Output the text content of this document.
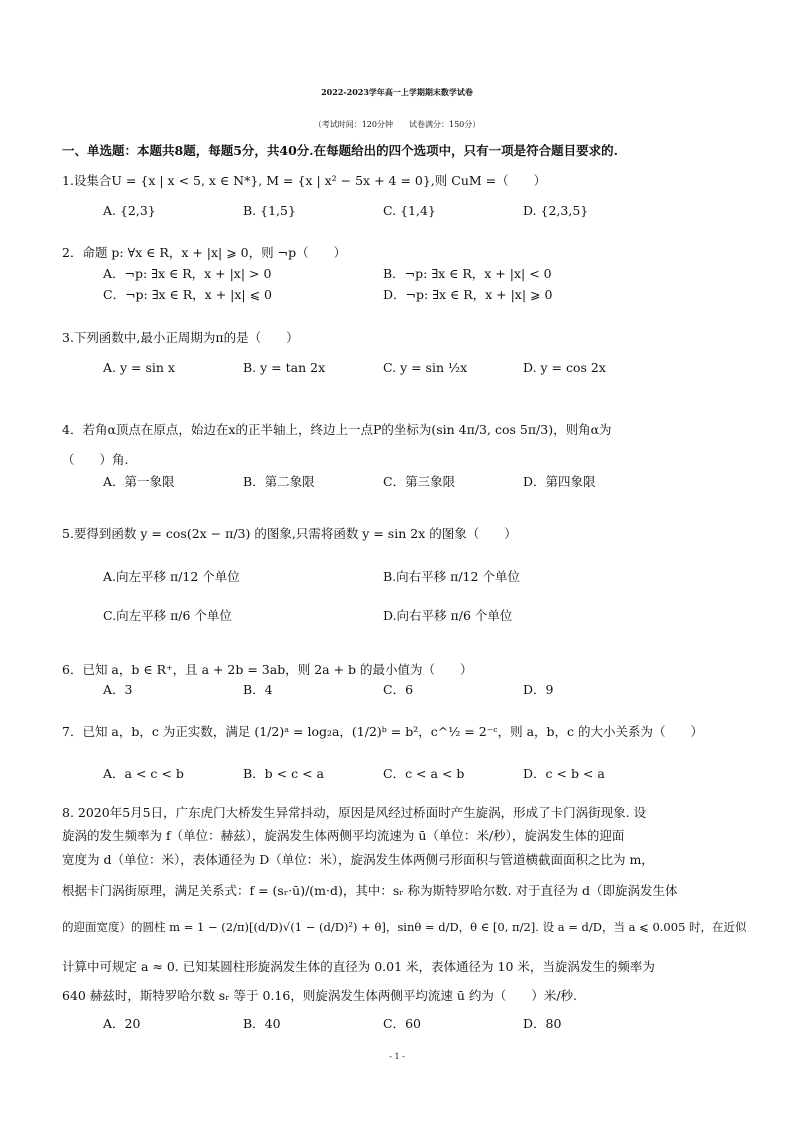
2022-2023学年高一上学期期末数学试卷
（考试时间：120分钟　　试卷满分：150分）
一、单选题：本题共8题，每题5分，共40分.在每题给出的四个选项中，只有一项是符合题目要求的.
1.设集合U = {x | x < 5, x ∈ N*}, M = {x | x² − 5x + 4 = 0},则 CuM =（　　）
A. {2,3}	B. {1,5}	C. {1,4}	D. {2,3,5}
2．命题 p: ∀x ∈ R，x + |x| ⩾ 0，则 ¬p（　　）
A．¬p: ∃x ∈ R，x + |x| > 0	B．¬p: ∃x ∈ R，x + |x| < 0
C．¬p: ∃x ∈ R，x + |x| ⩽ 0	D．¬p: ∃x ∈ R，x + |x| ⩾ 0
3.下列函数中,最小正周期为π的是（　　）
A. y = sin x	B. y = tan 2x	C. y = sin ½x	D. y = cos 2x
4．若角α顶点在原点，始边在x的正半轴上，终边上一点P的坐标为(sin 4π/3, cos 5π/3)，则角α为
（　　）角.
A．第一象限	B．第二象限	C．第三象限	D．第四象限
5.要得到函数 y = cos(2x − π/3) 的图象,只需将函数 y = sin 2x 的图象（　　）
A.向左平移 π/12 个单位	B.向右平移 π/12 个单位
C.向左平移 π/6 个单位	D.向右平移 π/6 个单位
6．已知 a，b ∈ R⁺，且 a + 2b = 3ab，则 2a + b 的最小值为（　　）
A．3	B．4	C．6	D．9
7．已知 a，b，c 为正实数，满足 (1/2)ᵃ = log₂a，(1/2)ᵇ = b²，c^½ = 2⁻ᶜ，则 a，b，c 的大小关系为（　　）
A．a < c < b	B．b < c < a	C．c < a < b	D．c < b < a
8. 2020年5月5日，广东虎门大桥发生异常抖动，原因是风经过桥面时产生旋涡，形成了卡门涡街现象. 设
旋涡的发生频率为 f（单位：赫兹），旋涡发生体两侧平均流速为 ū（单位：米/秒），旋涡发生体的迎面
宽度为 d（单位：米），表体通径为 D（单位：米），旋涡发生体两侧弓形面积与管道横截面面积之比为 m，
根据卡门涡街原理，满足关系式：f = (sᵣ·ū)/(m·d)，其中：sᵣ 称为斯特罗哈尔数. 对于直径为 d（即旋涡发生体
的迎面宽度）的圆柱 m = 1 − (2/π)[(d/D)√(1 − (d/D)²) + θ]，sinθ = d/D，θ ∈ [0, π/2]. 设 a = d/D，当 a ⩽ 0.005 时，在近似
计算中可规定 a ≈ 0. 已知某圆柱形旋涡发生体的直径为 0.01 米，表体通径为 10 米，当旋涡发生的频率为
640 赫兹时，斯特罗哈尔数 sᵣ 等于 0.16，则旋涡发生体两侧平均流速 ū 约为（　　）米/秒.
A．20	B．40	C．60	D．80
- 1 -
